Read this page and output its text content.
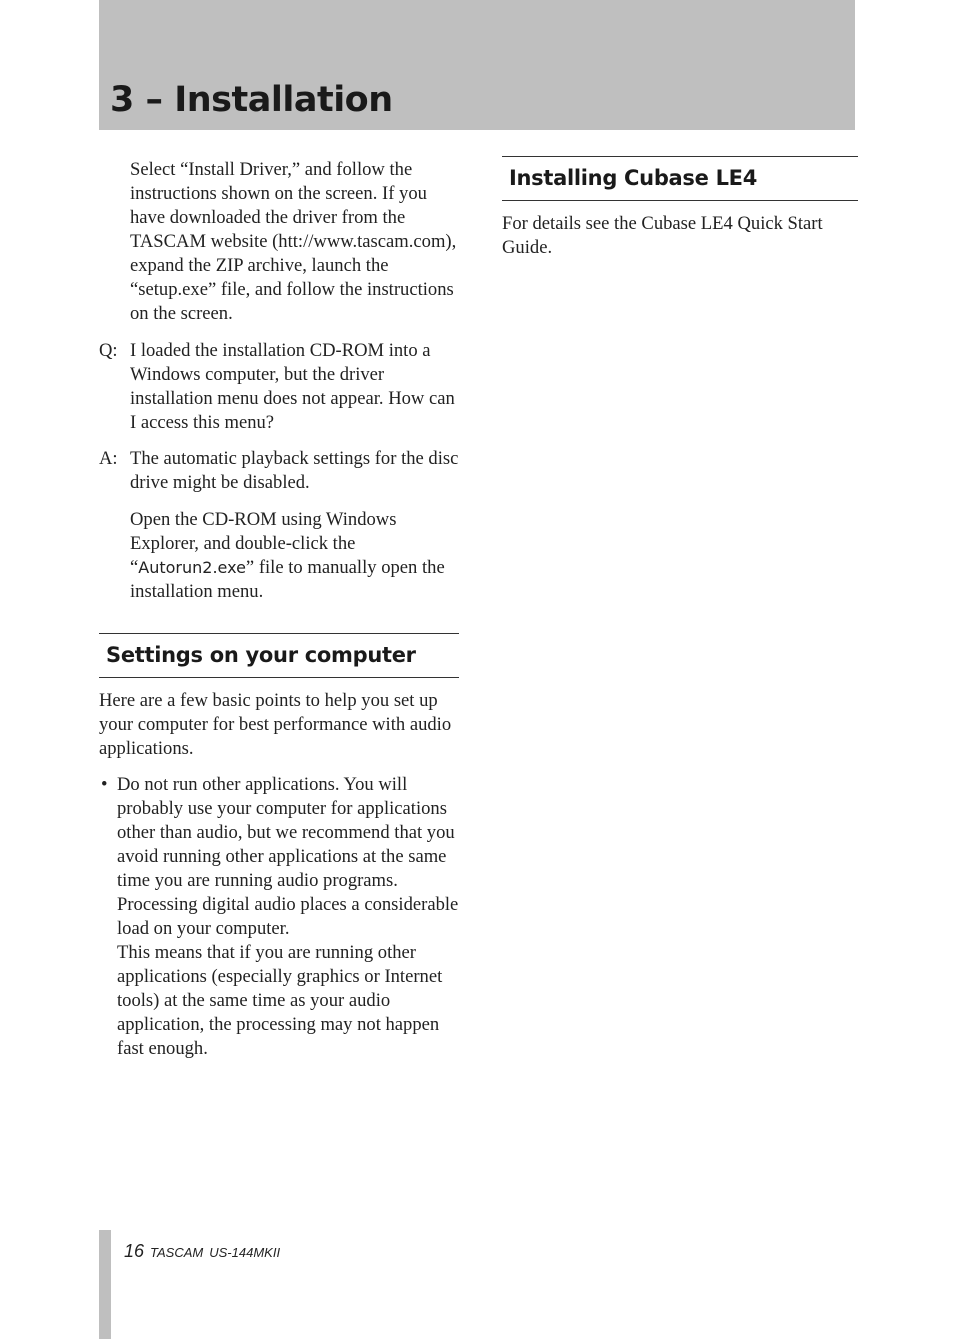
3 – Installation

Select “Install Driver,” and follow the instructions shown on the screen. If you have downloaded the driver from the TASCAM website (htt://www.tascam.com), expand the ZIP archive, launch the “setup.exe” file, and follow the instructions on the screen.

Q: I loaded the installation CD-ROM into a Windows computer, but the driver installation menu does not appear. How can I access this menu?

A: The automatic playback settings for the disc drive might be disabled.

Open the CD-ROM using Windows Explorer, and double-click the “Autorun2.exe” file to manually open the installation menu.

Settings on your computer

Here are a few basic points to help you set up your computer for best performance with audio applications.

• Do not run other applications. You will probably use your computer for applications other than audio, but we recommend that you avoid running other applications at the same time you are running audio programs. Processing digital audio places a considerable load on your computer.

This means that if you are running other applications (especially graphics or Internet tools) at the same time as your audio application, the processing may not happen fast enough.

Installing Cubase LE4

For details see the Cubase LE4 Quick Start Guide.

16 TASCAM US-144MKII
